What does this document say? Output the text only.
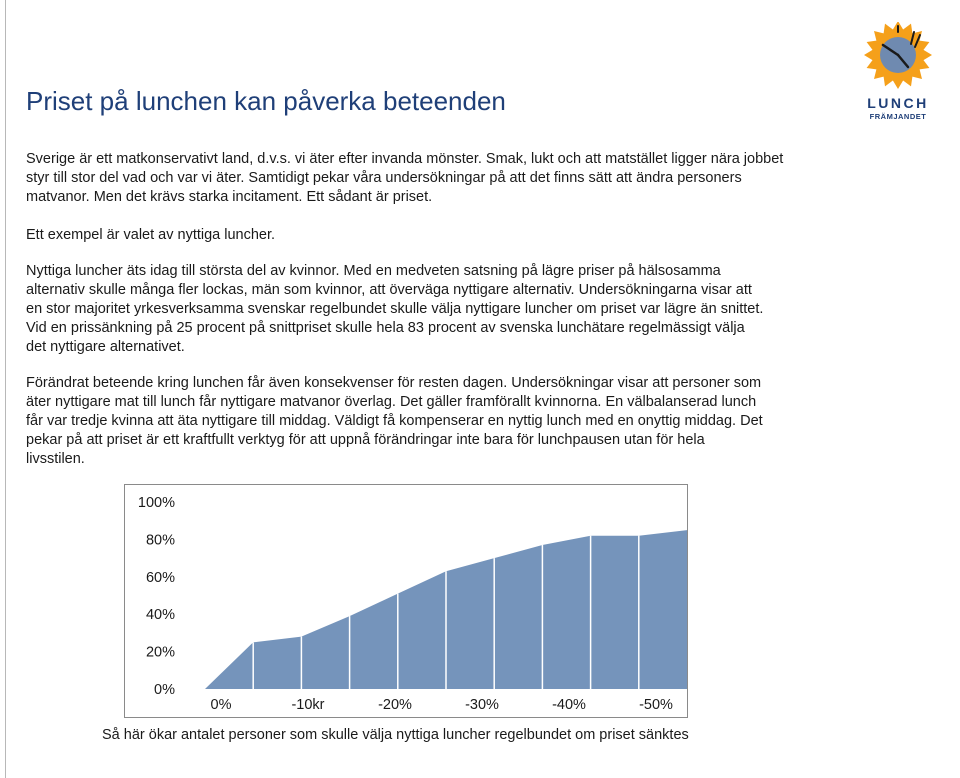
Priset på lunchen kan påverka beteenden	LUNCH
FRÄMJANDET

Sverige är ett matkonservativt land, d.v.s. vi äter efter invanda mönster. Smak, lukt och att matstället ligger nära jobbet styr till stor del vad och var vi äter. Samtidigt pekar våra undersökningar på att det finns sätt att ändra personers matvanor. Men det krävs starka incitament. Ett sådant är priset.

Ett exempel är valet av nyttiga luncher.

Nyttiga luncher äts idag till största del av kvinnor. Med en medveten satsning på lägre priser på hälsosamma alternativ skulle många fler lockas, män som kvinnor, att överväga nyttigare alternativ. Undersökningarna visar att en stor majoritet yrkesverksamma svenskar regelbundet skulle välja nyttigare luncher om priset var lägre än snittet. Vid en prissänkning på 25 procent på snittpriset skulle hela 83 procent av svenska lunchätare regelmässigt välja det nyttigare alternativet.

Förändrat beteende kring lunchen får även konsekvenser för resten dagen. Undersökningar visar att personer som äter nyttigare mat till lunch får nyttigare matvanor överlag. Det gäller framförallt kvinnorna. En välbalanserad lunch får var tredje kvinna att äta nyttigare till middag. Väldigt få kompenserar en nyttig lunch med en onyttig middag. Det pekar på att priset är ett kraftfullt verktyg för att uppnå förändringar inte bara för lunchpausen utan för hela livsstilen.

0%
20%
40%
60%
80%
100%
0%	-10kr	-20%	-30%	-40%	-50%

Så här ökar antalet personer som skulle välja nyttiga luncher regelbundet om priset sänktes
